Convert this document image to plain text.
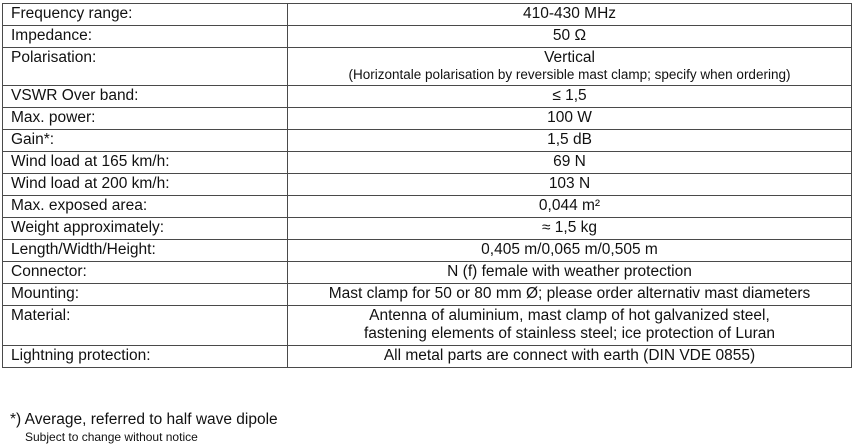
Frequency range:	410-430 MHz
Impedance:	50 Ω
Polarisation:	Vertical
(Horizontale polarisation by reversible mast clamp; specify when ordering)

VSWR Over band:	≤ 1,5
Max. power:	100 W
Gain*:	1,5 dB
Wind load at 165 km/h:	69 N
Wind load at 200 km/h:	103 N
Max. exposed area:	0,044 m²
Weight approximately:	≈ 1,5 kg
Length/Width/Height:	0,405 m/0,065 m/0,505 m
Connector:	N (f) female with weather protection
Mounting:	Mast clamp for 50 or 80 mm Ø; please order alternativ mast diameters
Material:	Antenna of aluminium, mast clamp of hot galvanized steel,
fastening elements of stainless steel; ice protection of Luran
Lightning protection:	All metal parts are connect with earth (DIN VDE 0855)
*) Average, referred to half wave dipole
Subject to change without notice
